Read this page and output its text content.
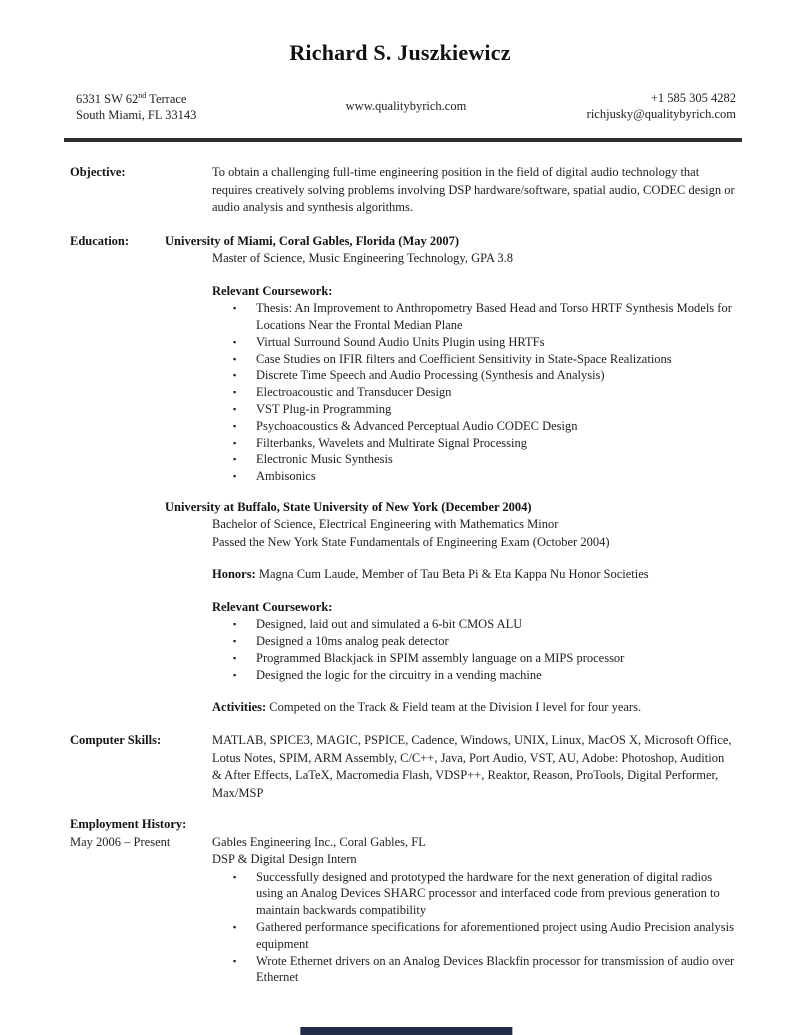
Richard S. Juszkiewicz
6331 SW 62nd Terrace
South Miami, FL 33143
www.qualitybyrich.com
+1 585 305 4282
richjusky@qualitybyrich.com
Objective:	To obtain a challenging full-time engineering position in the field of digital audio technology that requires creatively solving problems involving DSP hardware/software, spatial audio, CODEC design or audio analysis and synthesis algorithms.
Education:	University of Miami, Coral Gables, Florida (May 2007)
Master of Science, Music Engineering Technology, GPA 3.8
Relevant Coursework:
▪	Thesis: An Improvement to Anthropometry Based Head and Torso HRTF Synthesis Models for Locations Near the Frontal Median Plane
▪	Virtual Surround Sound Audio Units Plugin using HRTFs
▪	Case Studies on IFIR filters and Coefficient Sensitivity in State-Space Realizations
▪	Discrete Time Speech and Audio Processing (Synthesis and Analysis)
▪	Electroacoustic and Transducer Design
▪	VST Plug-in Programming
▪	Psychoacoustics & Advanced Perceptual Audio CODEC Design
▪	Filterbanks, Wavelets and Multirate Signal Processing
▪	Electronic Music Synthesis
▪	Ambisonics
University at Buffalo, State University of New York (December 2004)
Bachelor of Science, Electrical Engineering with Mathematics Minor
Passed the New York State Fundamentals of Engineering Exam (October 2004)
Honors: Magna Cum Laude, Member of Tau Beta Pi & Eta Kappa Nu Honor Societies
Relevant Coursework:
▪	Designed, laid out and simulated a 6-bit CMOS ALU
▪	Designed a 10ms analog peak detector
▪	Programmed Blackjack in SPIM assembly language on a MIPS processor
▪	Designed the logic for the circuitry in a vending machine
Activities: Competed on the Track & Field team at the Division I level for four years.
Computer Skills:	MATLAB, SPICE3, MAGIC, PSPICE, Cadence, Windows, UNIX, Linux, MacOS X, Microsoft Office, Lotus Notes, SPIM, ARM Assembly, C/C++, Java, Port Audio, VST, AU, Adobe: Photoshop, Audition & After Effects, LaTeX, Macromedia Flash, VDSP++, Reaktor, Reason, ProTools, Digital Performer, Max/MSP
Employment History:
May 2006 – Present	Gables Engineering Inc., Coral Gables, FL
DSP & Digital Design Intern
▪	Successfully designed and prototyped the hardware for the next generation of digital radios using an Analog Devices SHARC processor and interfaced code from previous generation to maintain backwards compatibility
▪	Gathered performance specifications for aforementioned project using Audio Precision analysis equipment
▪	Wrote Ethernet drivers on an Analog Devices Blackfin processor for transmission of audio over Ethernet
